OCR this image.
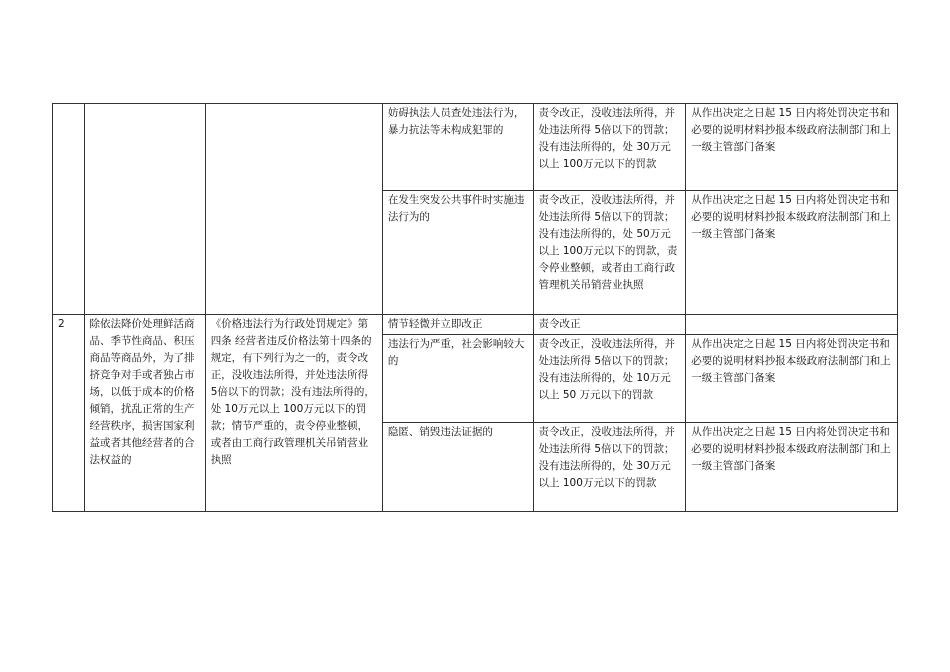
			妨碍执法人员查处违法行为，暴力抗法等未构成犯罪的	责令改正，没收违法所得，并处违法所得 5倍以下的罚款；没有违法所得的，处 30万元以上 100万元以下的罚款	从作出决定之日起 15 日内将处罚决定书和必要的说明材料抄报本级政府法制部门和上一级主管部门备案
			在发生突发公共事件时实施违法行为的	责令改正，没收违法所得，并处违法所得 5倍以下的罚款；没有违法所得的，处 50万元以上 100万元以下的罚款，责令停业整顿，或者由工商行政管理机关吊销营业执照	从作出决定之日起 15 日内将处罚决定书和必要的说明材料抄报本级政府法制部门和上一级主管部门备案
2	除依法降价处理鲜活商品、季节性商品、积压商品等商品外，为了排挤竞争对手或者独占市场，以低于成本的价格倾销，扰乱正常的生产经营秩序，损害国家利益或者其他经营者的合法权益的	《价格违法行为行政处罚规定》第四条 经营者违反价格法第十四条的规定，有下列行为之一的，责令改正，没收违法所得，并处违法所得 5倍以下的罚款；没有违法所得的，处 10万元以上 100万元以下的罚款；情节严重的，责令停业整顿，或者由工商行政管理机关吊销营业执照	情节轻微并立即改正	责令改正	
			违法行为严重，社会影响较大的	责令改正，没收违法所得，并处违法所得 5倍以下的罚款；没有违法所得的，处 10万元以上 50 万元以下的罚款	从作出决定之日起 15 日内将处罚决定书和必要的说明材料抄报本级政府法制部门和上一级主管部门备案
			隐匿、销毁违法证据的	责令改正，没收违法所得，并处违法所得 5倍以下的罚款；没有违法所得的，处 30万元以上 100万元以下的罚款	从作出决定之日起 15 日内将处罚决定书和必要的说明材料抄报本级政府法制部门和上一级主管部门备案
